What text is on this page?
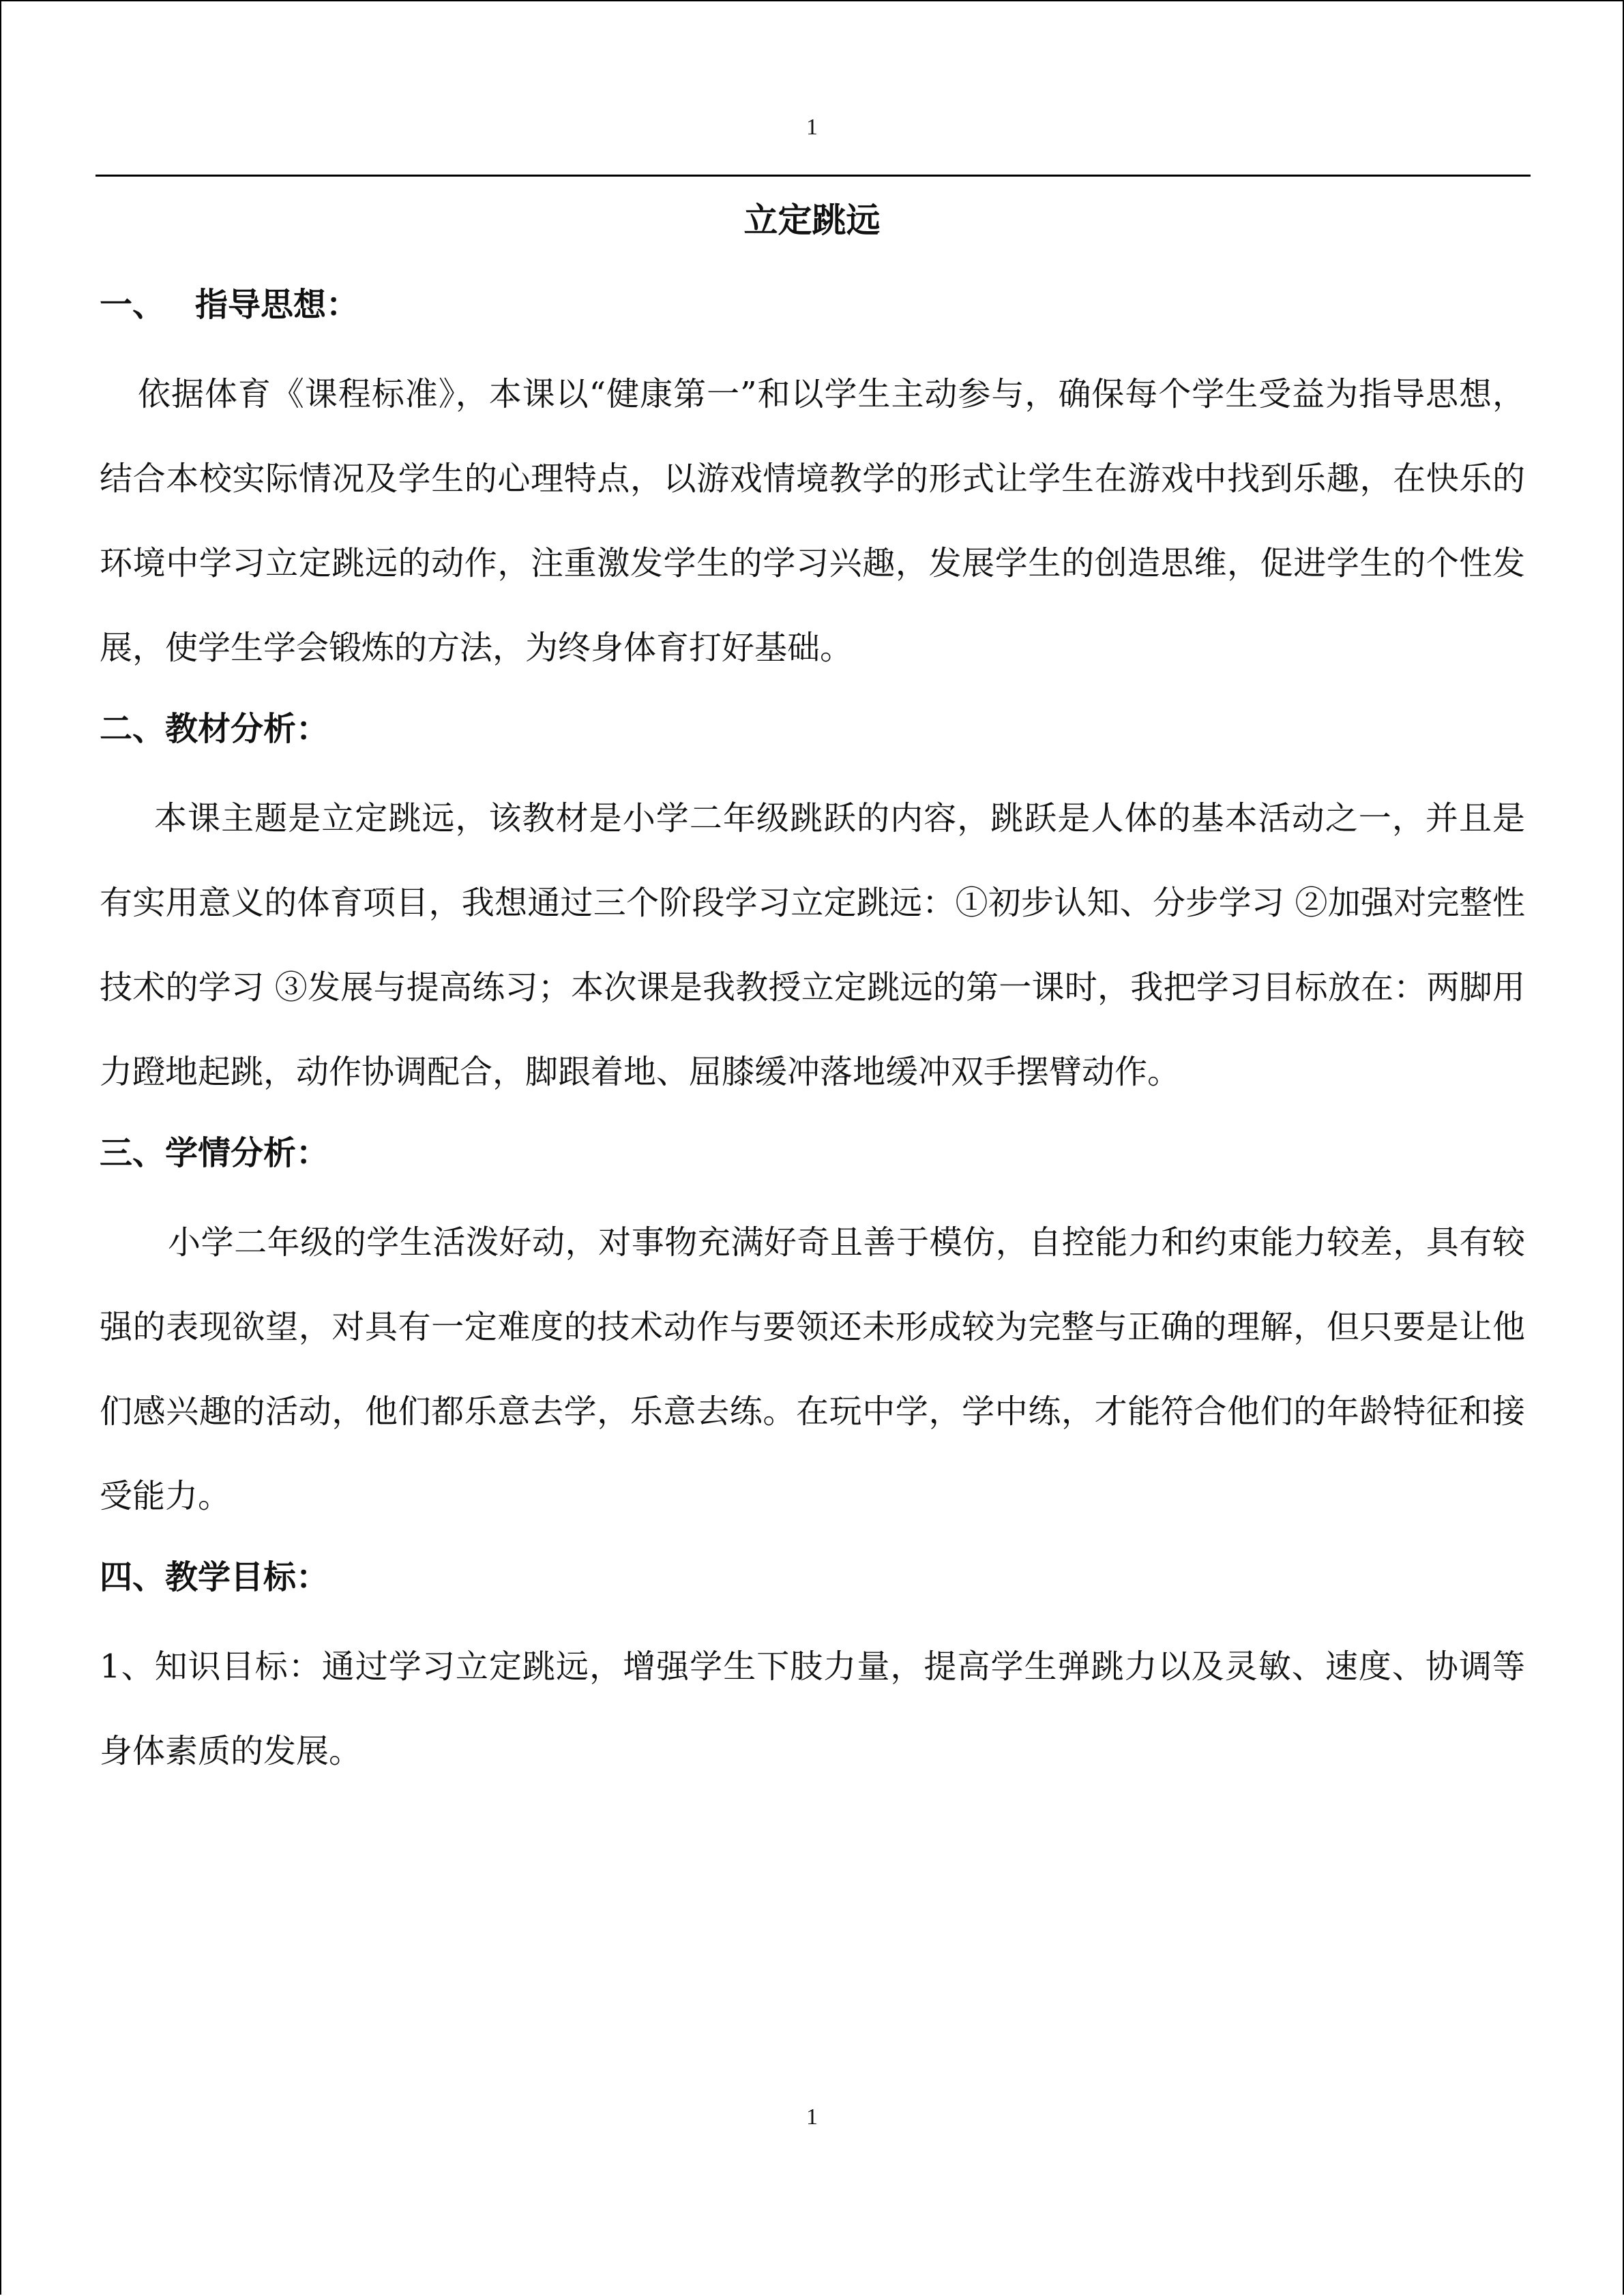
1
立定跳远
一、 指导思想：

依据体育《课程标准》，本课以“健康第一”和以学生主动参与，确保每个学生受益为指导思想，结合本校实际情况及学生的心理特点，以游戏情境教学的形式让学生在游戏中找到乐趣，在快乐的环境中学习立定跳远的动作，注重激发学生的学习兴趣，发展学生的创造思维，促进学生的个性发展，使学生学会锻炼的方法，为终身体育打好基础。

二、教材分析：

本课主题是立定跳远，该教材是小学二年级跳跃的内容，跳跃是人体的基本活动之一，并且是有实用意义的体育项目，我想通过三个阶段学习立定跳远：①初步认知、分步学习 ②加强对完整性技术的学习 ③发展与提高练习；本次课是我教授立定跳远的第一课时，我把学习目标放在：两脚用力蹬地起跳，动作协调配合，脚跟着地、屈膝缓冲落地缓冲双手摆臂动作。

三、学情分析：

小学二年级的学生活泼好动，对事物充满好奇且善于模仿，自控能力和约束能力较差，具有较强的表现欲望，对具有一定难度的技术动作与要领还未形成较为完整与正确的理解，但只要是让他们感兴趣的活动，他们都乐意去学，乐意去练。在玩中学，学中练，才能符合他们的年龄特征和接受能力。

四、教学目标：

1、知识目标：通过学习立定跳远，增强学生下肢力量，提高学生弹跳力以及灵敏、速度、协调等身体素质的发展。

1
